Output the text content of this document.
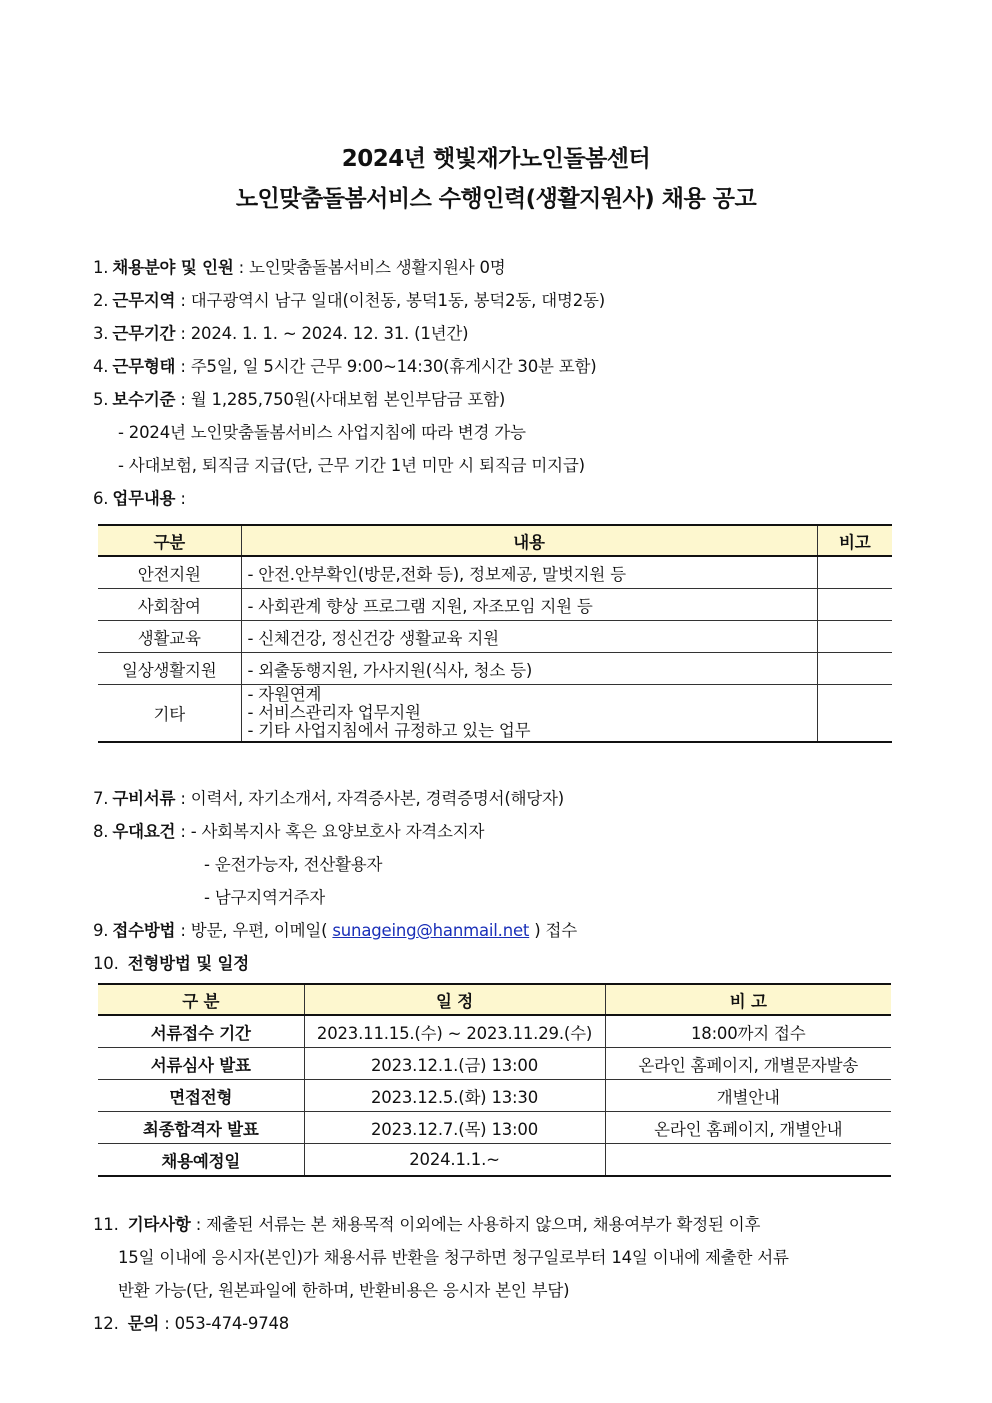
2024년 햇빛재가노인돌봄센터
노인맞춤돌봄서비스 수행인력(생활지원사) 채용 공고
1. 채용분야 및 인원 : 노인맞춤돌봄서비스 생활지원사 0명
2. 근무지역 : 대구광역시 남구 일대(이천동, 봉덕1동, 봉덕2동, 대명2동)
3. 근무기간 : 2024. 1. 1. ~ 2024. 12. 31. (1년간)
4. 근무형태 : 주5일, 일 5시간 근무 9:00~14:30(휴게시간 30분 포함)
5. 보수기준 : 월 1,285,750원(사대보험 본인부담금 포함)
- 2024년 노인맞춤돌봄서비스 사업지침에 따라 변경 가능
- 사대보험, 퇴직금 지급(단, 근무 기간 1년 미만 시 퇴직금 미지급)
6. 업무내용 :
구분	내용	비고
안전지원	- 안전.안부확인(방문,전화 등), 정보제공, 말벗지원 등	
사회참여	- 사회관계 향상 프로그램 지원, 자조모임 지원 등	
생활교육	- 신체건강, 정신건강 생활교육 지원	
일상생활지원	- 외출동행지원, 가사지원(식사, 청소 등)	
기타	- 자원연계
- 서비스관리자 업무지원
- 기타 사업지침에서 규정하고 있는 업무	

7. 구비서류 : 이력서, 자기소개서, 자격증사본, 경력증명서(해당자)
8. 우대요건 : - 사회복지사 혹은 요양보호사 자격소지자
- 운전가능자, 전산활용자
- 남구지역거주자
9. 접수방법 : 방문, 우편, 이메일( sunageing@hanmail.net ) 접수
10. 전형방법 및 일정
구 분	일 정	비 고
서류접수 기간	2023.11.15.(수) ~ 2023.11.29.(수)	18:00까지 접수
서류심사 발표	2023.12.1.(금) 13:00	온라인 홈페이지, 개별문자발송
면접전형	2023.12.5.(화) 13:30	개별안내
최종합격자 발표	2023.12.7.(목) 13:00	온라인 홈페이지, 개별안내
채용예정일	2024.1.1.~	
11. 기타사항 : 제출된 서류는 본 채용목적 이외에는 사용하지 않으며, 채용여부가 확정된 이후
15일 이내에 응시자(본인)가 채용서류 반환을 청구하면 청구일로부터 14일 이내에 제출한 서류
반환 가능(단, 원본파일에 한하며, 반환비용은 응시자 본인 부담)
12. 문의 : 053-474-9748
